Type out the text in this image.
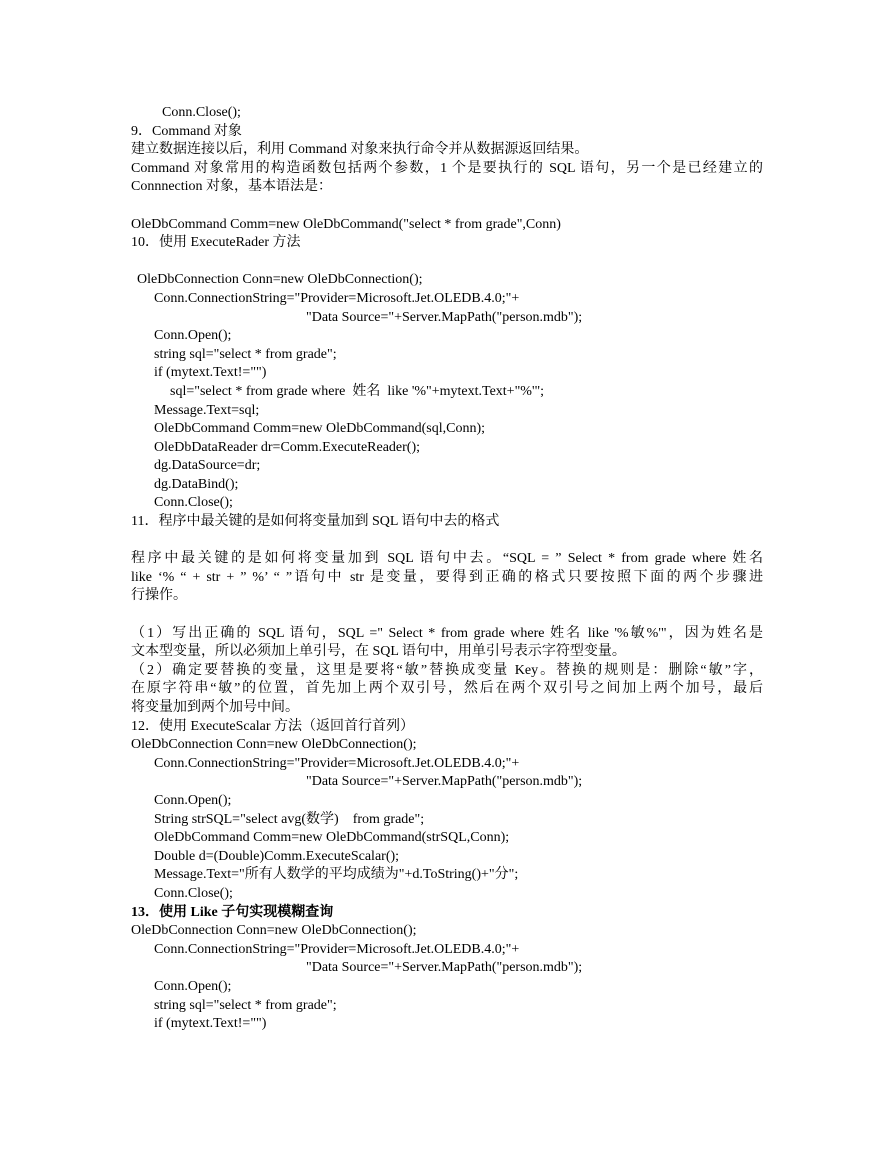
Conn.Close();
9．Command 对象
建立数据连接以后，利用 Command 对象来执行命令并从数据源返回结果。
Command 对象常用的构造函数包括两个参数，1 个是要执行的 SQL 语句，另一个是已经建立的
Connnection 对象，基本语法是：
OleDbCommand Comm=new OleDbCommand("select * from grade",Conn)
10．使用 ExecuteRader 方法
OleDbConnection Conn=new OleDbConnection();
Conn.ConnectionString="Provider=Microsoft.Jet.OLEDB.4.0;"+
"Data Source="+Server.MapPath("person.mdb");
Conn.Open();
string sql="select * from grade";
if (mytext.Text!="")
sql="select * from grade where  姓名  like '%"+mytext.Text+"%'";
Message.Text=sql;
OleDbCommand Comm=new OleDbCommand(sql,Conn);
OleDbDataReader dr=Comm.ExecuteReader();
dg.DataSource=dr;
dg.DataBind();
Conn.Close();
11．程序中最关键的是如何将变量加到 SQL 语句中去的格式
程序中最关键的是如何将变量加到 SQL 语句中去。“SQL = ” Select * from grade where 姓名
like ‘% “ + str + ” %’ “ ”语句中 str 是变量，要得到正确的格式只要按照下面的两个步骤进
行操作。
（1）写出正确的 SQL 语句，SQL =" Select * from grade where 姓名 like '%敏%'"，因为姓名是
文本型变量，所以必须加上单引号，在 SQL 语句中，用单引号表示字符型变量。
（2）确定要替换的变量，这里是要将“敏”替换成变量 Key。替换的规则是：删除“敏”字，
在原字符串“敏”的位置，首先加上两个双引号，然后在两个双引号之间加上两个加号，最后
将变量加到两个加号中间。
12．使用 ExecuteScalar 方法（返回首行首列）
OleDbConnection Conn=new OleDbConnection();
Conn.ConnectionString="Provider=Microsoft.Jet.OLEDB.4.0;"+
"Data Source="+Server.MapPath("person.mdb");
Conn.Open();
String strSQL="select avg(数学)    from grade";
OleDbCommand Comm=new OleDbCommand(strSQL,Conn);
Double d=(Double)Comm.ExecuteScalar();
Message.Text="所有人数学的平均成绩为"+d.ToString()+"分";
Conn.Close();
13．使用 Like 子句实现模糊查询
OleDbConnection Conn=new OleDbConnection();
Conn.ConnectionString="Provider=Microsoft.Jet.OLEDB.4.0;"+
"Data Source="+Server.MapPath("person.mdb");
Conn.Open();
string sql="select * from grade";
if (mytext.Text!="")
